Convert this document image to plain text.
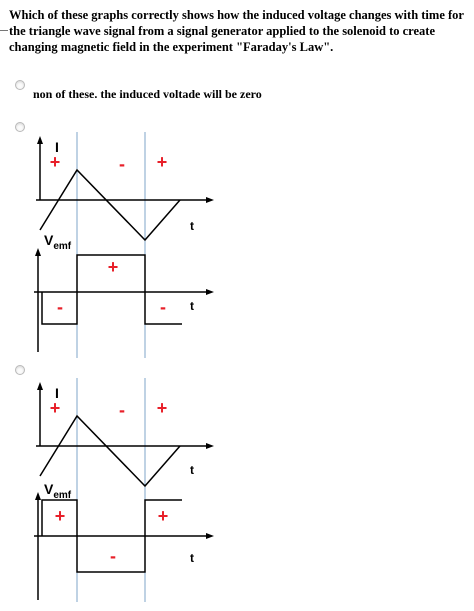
Which of these graphs correctly shows how the induced voltage changes with time for the triangle wave signal from a signal generator applied to the solenoid to create changing magnetic field in the experiment "Faraday's Law".

non of these. the induced voltade will be zero

I
+	- +
t
$V_{emf}$
-
+
- t
I
+	- +
t
$V_{emf}$
+
-
+
t
